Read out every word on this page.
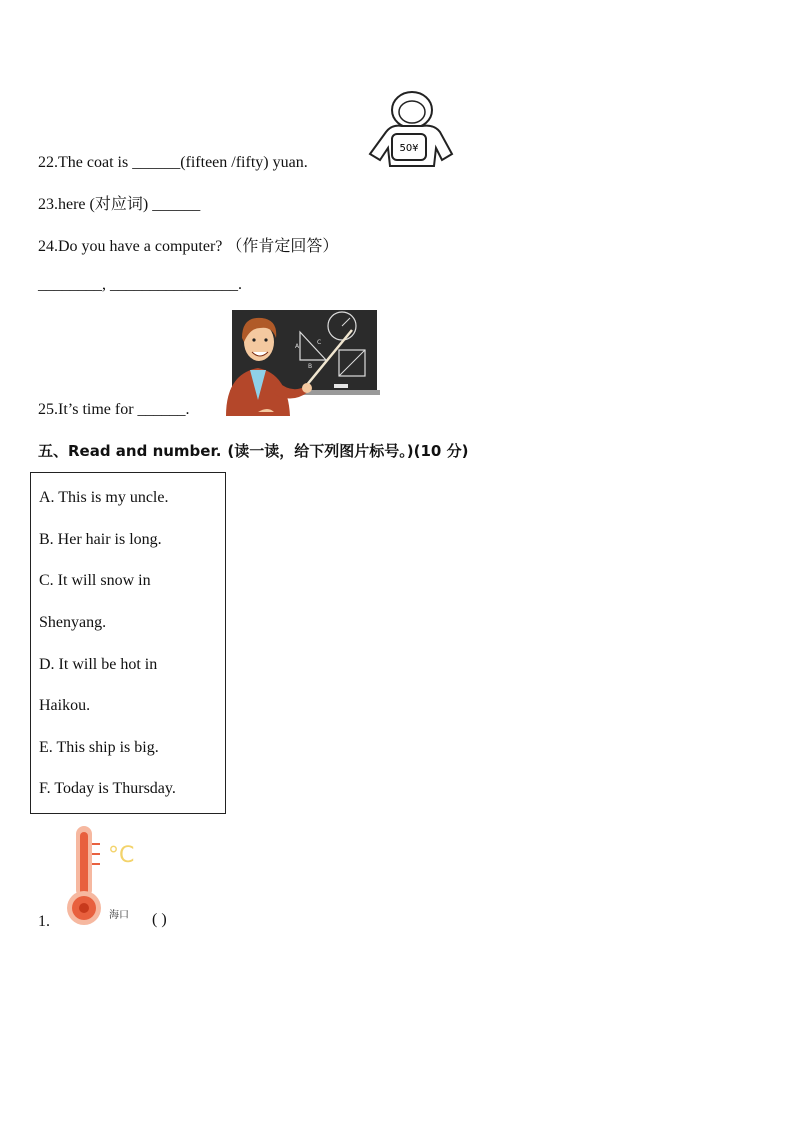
22.The coat is ______(fifteen /fifty) yuan.
50¥
23.here (对应词) ______
24.Do you have a computer? （作肯定回答）
________, ________________.
A
C
B
25.It’s time for ______.
五、Read and number. (读一读，给下列图片标号。)(10 分)
A. This is my uncle.
B. Her hair is long.
C. It will snow in
Shenyang.
D. It will be hot in
Haikou.
E. This ship is big.
F. Today is Thursday.
1.
°C
海口 ( )
